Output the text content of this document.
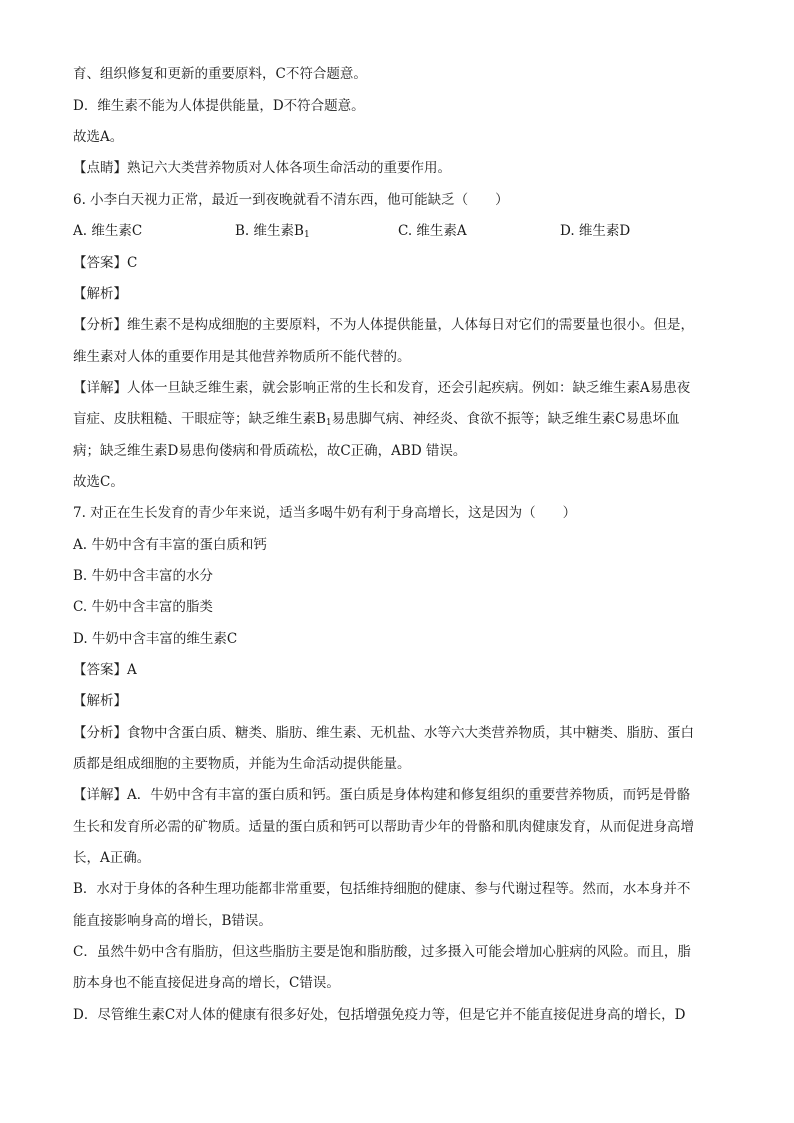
育、组织修复和更新的重要原料，C不符合题意。
D．维生素不能为人体提供能量，D不符合题意。
故选A。
【点睛】熟记六大类营养物质对人体各项生命活动的重要作用。
6. 小李白天视力正常，最近一到夜晚就看不清东西，他可能缺乏（　　）
A. 维生素C	B. 维生素$B_1$	C. 维生素A	D. 维生素D
【答案】C
【解析】
【分析】维生素不是构成细胞的主要原料，不为人体提供能量，人体每日对它们的需要量也很小。但是，
维生素对人体的重要作用是其他营养物质所不能代替的。
【详解】人体一旦缺乏维生素，就会影响正常的生长和发育，还会引起疾病。例如：缺乏维生素A易患夜
盲症、皮肤粗糙、干眼症等；缺乏维生素$B_1$易患脚气病、神经炎、食欲不振等；缺乏维生素C易患坏血
病；缺乏维生素D易患佝偻病和骨质疏松，故C正确，ABD 错误。
故选C。
7. 对正在生长发育的青少年来说，适当多喝牛奶有利于身高增长，这是因为（　　）
A. 牛奶中含有丰富的蛋白质和钙
B. 牛奶中含丰富的水分
C. 牛奶中含丰富的脂类
D. 牛奶中含丰富的维生素C
【答案】A
【解析】
【分析】食物中含蛋白质、糖类、脂肪、维生素、无机盐、水等六大类营养物质，其中糖类、脂肪、蛋白
质都是组成细胞的主要物质，并能为生命活动提供能量。
【详解】A．牛奶中含有丰富的蛋白质和钙。蛋白质是身体构建和修复组织的重要营养物质，而钙是骨骼
生长和发育所必需的矿物质。适量的蛋白质和钙可以帮助青少年的骨骼和肌肉健康发育，从而促进身高增
长，A正确。
B．水对于身体的各种生理功能都非常重要，包括维持细胞的健康、参与代谢过程等。然而，水本身并不
能直接影响身高的增长，B错误。
C．虽然牛奶中含有脂肪，但这些脂肪主要是饱和脂肪酸，过多摄入可能会增加心脏病的风险。而且，脂
肪本身也不能直接促进身高的增长，C错误。
D．尽管维生素C对人体的健康有很多好处，包括增强免疫力等，但是它并不能直接促进身高的增长，D
